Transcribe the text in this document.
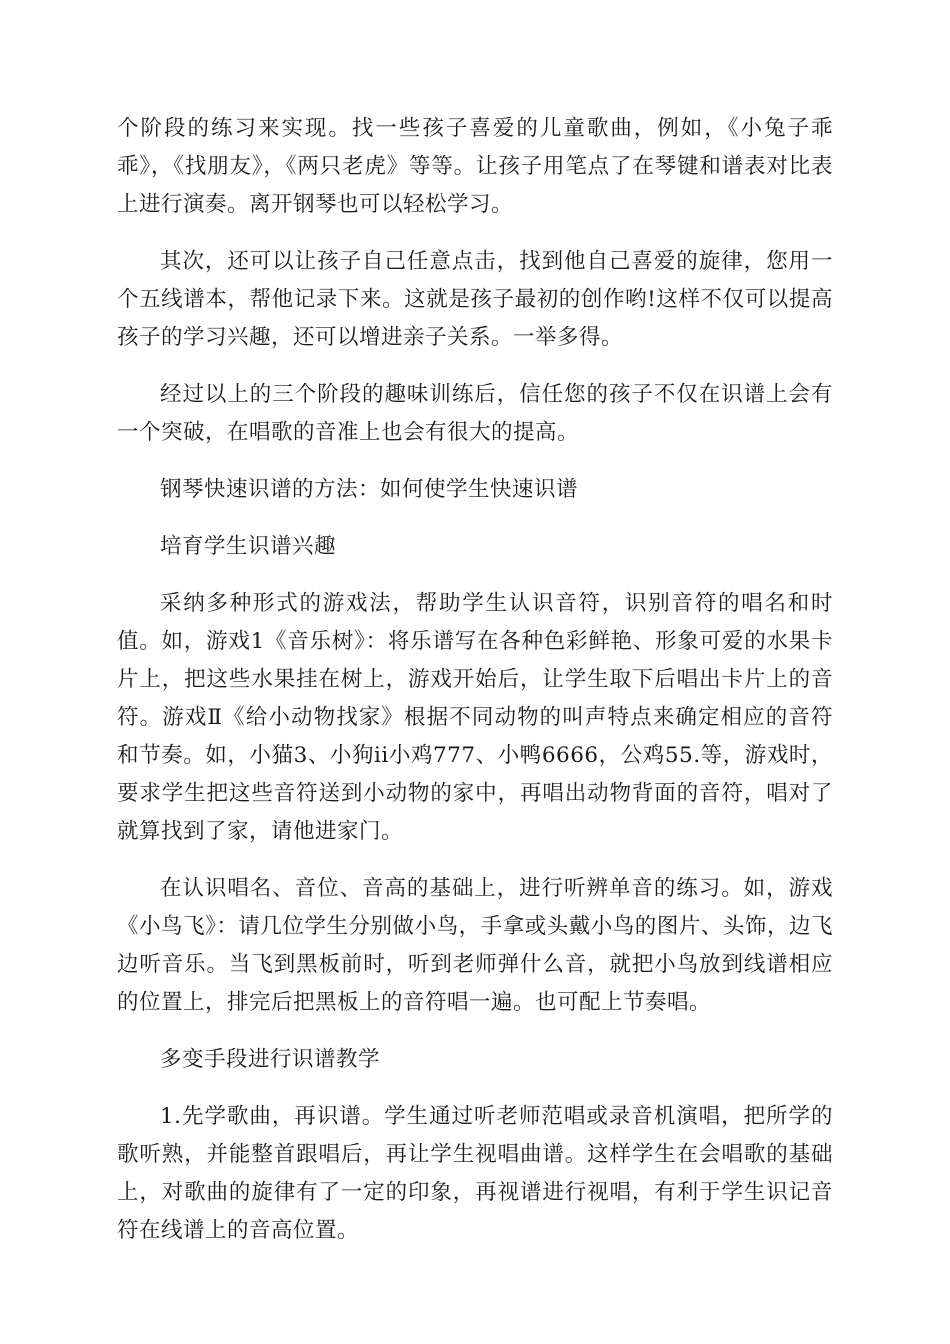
个阶段的练习来实现。找一些孩子喜爱的儿童歌曲，例如，《小兔子乖乖》，《找朋友》，《两只老虎》等等。让孩子用笔点了在琴键和谱表对比表上进行演奏。离开钢琴也可以轻松学习。

其次，还可以让孩子自己任意点击，找到他自己喜爱的旋律，您用一个五线谱本，帮他记录下来。这就是孩子最初的创作哟!这样不仅可以提高孩子的学习兴趣，还可以增进亲子关系。一举多得。

经过以上的三个阶段的趣味训练后，信任您的孩子不仅在识谱上会有一个突破，在唱歌的音准上也会有很大的提高。

钢琴快速识谱的方法：如何使学生快速识谱

培育学生识谱兴趣

采纳多种形式的游戏法，帮助学生认识音符，识别音符的唱名和时值。如，游戏1《音乐树》：将乐谱写在各种色彩鲜艳、形象可爱的水果卡片上，把这些水果挂在树上，游戏开始后，让学生取下后唱出卡片上的音符。游戏Ⅱ《给小动物找家》根据不同动物的叫声特点来确定相应的音符和节奏。如，小猫3、小狗ii小鸡777、小鸭6666，公鸡55.等，游戏时，要求学生把这些音符送到小动物的家中，再唱出动物背面的音符，唱对了就算找到了家，请他进家门。

在认识唱名、音位、音高的基础上，进行听辨单音的练习。如，游戏《小鸟飞》：请几位学生分别做小鸟，手拿或头戴小鸟的图片、头饰，边飞边听音乐。当飞到黑板前时，听到老师弹什么音，就把小鸟放到线谱相应的位置上，排完后把黑板上的音符唱一遍。也可配上节奏唱。

多变手段进行识谱教学

1.先学歌曲，再识谱。学生通过听老师范唱或录音机演唱，把所学的歌听熟，并能整首跟唱后，再让学生视唱曲谱。这样学生在会唱歌的基础上，对歌曲的旋律有了一定的印象，再视谱进行视唱，有利于学生识记音符在线谱上的音高位置。
